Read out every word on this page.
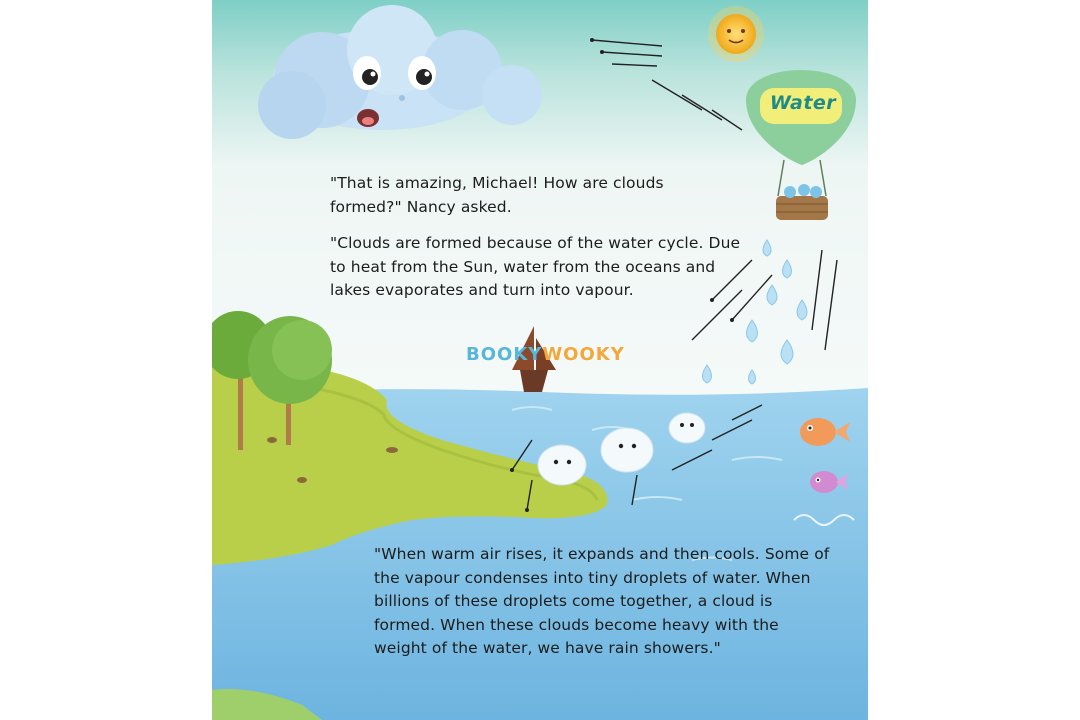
Water
BOOKYWOOKY
"That is amazing, Michael! How are clouds formed?" Nancy asked.
"Clouds are formed because of the water cycle. Due to heat from the Sun, water from the oceans and lakes evaporates and turn into vapour.
"When warm air rises, it expands and then cools. Some of the vapour condenses into tiny droplets of water. When billions of these droplets come together, a cloud is formed. When these clouds become heavy with the weight of the water, we have rain showers."
